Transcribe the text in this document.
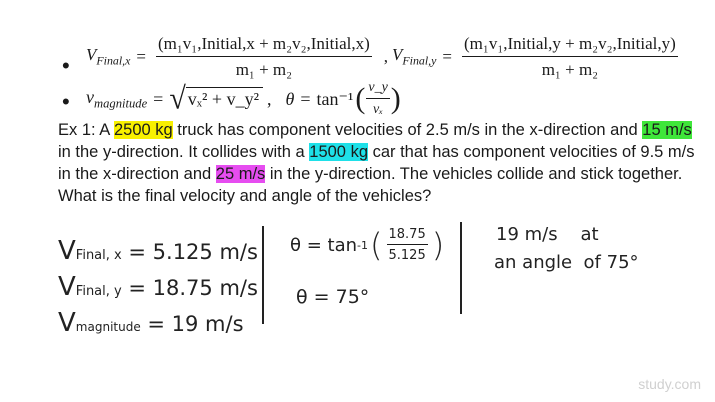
• $V_{Final,x} = \frac{\text{(m₁v₁,Initial,x + m₂v₂,Initial,x)}}{\text{m₁ + m₂}}$ , $V_{Final,y} = \frac{\text{(m₁v₁,Initial,y + m₂v₂,Initial,y)}}{\text{m₁ + m₂}}$
• $v_{magnitude}$ = √ vₓ² + v_y² , θ = tan⁻¹ ( $\frac{v\_y}{\text{vₓ}}$ )
Ex 1: A 2500 kg truck has component velocities of 2.5 m/s in the x-direction and 15 m/s in the y-direction. It collides with a 1500 kg car that has component velocities of 9.5 m/s in the x-direction and 25 m/s in the y-direction. The vehicles collide and stick together. What is the final velocity and angle of the vehicles?
VFinal, x = 5.125 m/s
VFinal, y = 18.75 m/s
Vmagnitude = 19 m/s
θ = tan -1 ( $\frac{18.75}{5.125}$ )
θ = 75°
19 m/s    at
an angle  of 75°
study.com
